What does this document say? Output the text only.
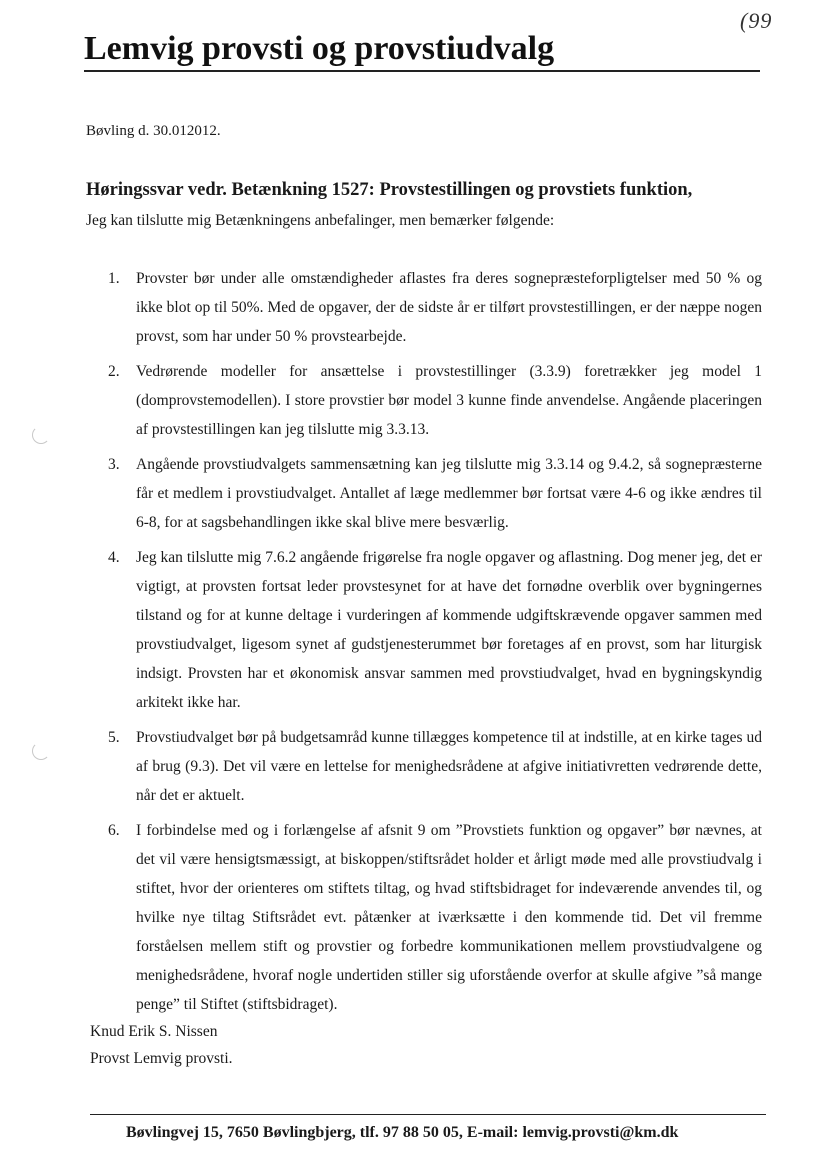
(99
Lemvig provsti og provstiudvalg
Bøvling d. 30.012012.
Høringssvar vedr. Betænkning 1527: Provstestillingen og provstiets funktion,
Jeg kan tilslutte mig Betænkningens anbefalinger, men bemærker følgende:
1. Provster bør under alle omstændigheder aflastes fra deres sognepræsteforpligtelser med 50 % og ikke blot op til 50%. Med de opgaver, der de sidste år er tilført provstestillingen, er der næppe nogen provst, som har under 50 % provstearbejde.
2. Vedrørende modeller for ansættelse i provstestillinger (3.3.9) foretrækker jeg model 1 (domprovstemodellen). I store provstier bør model 3 kunne finde anvendelse. Angående placeringen af provstestillingen kan jeg tilslutte mig 3.3.13.
3. Angående provstiudvalgets sammensætning kan jeg tilslutte mig 3.3.14 og 9.4.2, så sognepræsterne får et medlem i provstiudvalget. Antallet af læge medlemmer bør fortsat være 4-6 og ikke ændres til 6-8, for at sagsbehandlingen ikke skal blive mere besværlig.
4. Jeg kan tilslutte mig 7.6.2 angående frigørelse fra nogle opgaver og aflastning. Dog mener jeg, det er vigtigt, at provsten fortsat leder provstesynet for at have det fornødne overblik over bygningernes tilstand og for at kunne deltage i vurderingen af kommende udgiftskrævende opgaver sammen med provstiudvalget, ligesom synet af gudstjenesterummet bør foretages af en provst, som har liturgisk indsigt. Provsten har et økonomisk ansvar sammen med provstiudvalget, hvad en bygningskyndig arkitekt ikke har.
5. Provstiudvalget bør på budgetsamråd kunne tillægges kompetence til at indstille, at en kirke tages ud af brug (9.3). Det vil være en lettelse for menighedsrådene at afgive initiativretten vedrørende dette, når det er aktuelt.
6. I forbindelse med og i forlængelse af afsnit 9 om ”Provstiets funktion og opgaver” bør nævnes, at det vil være hensigtsmæssigt, at biskoppen/stiftsrådet holder et årligt møde med alle provstiudvalg i stiftet, hvor der orienteres om stiftets tiltag, og hvad stiftsbidraget for indeværende anvendes til, og hvilke nye tiltag Stiftsrådet evt. påtænker at iværksætte i den kommende tid. Det vil fremme forståelsen mellem stift og provstier og forbedre kommunikationen mellem provstiudvalgene og menighedsrådene, hvoraf nogle undertiden stiller sig uforstående overfor at skulle afgive ”så mange penge” til Stiftet (stiftsbidraget).
Knud Erik S. Nissen
Provst Lemvig provsti.
Bøvlingvej 15, 7650 Bøvlingbjerg, tlf. 97 88 50 05, E-mail: lemvig.provsti@km.dk
